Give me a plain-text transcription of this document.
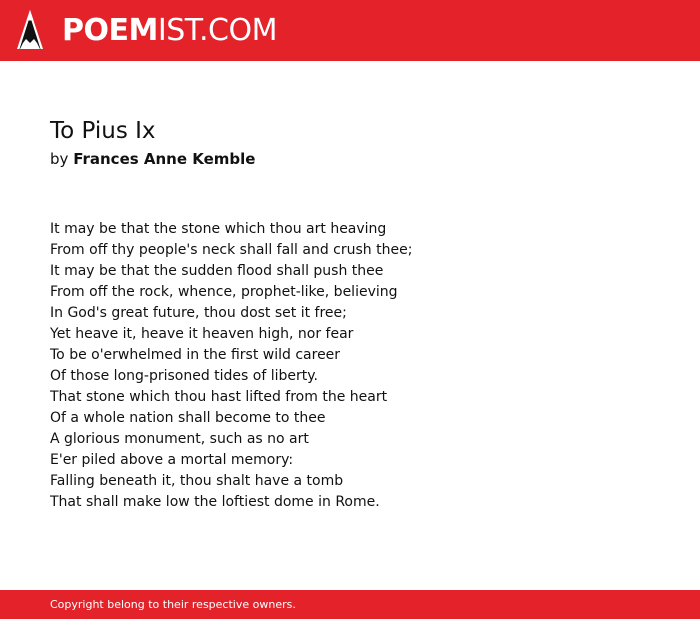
POEMIST.COM
To Pius Ix
by Frances Anne Kemble
It may be that the stone which thou art heaving
From off thy people's neck shall fall and crush thee;
It may be that the sudden flood shall push thee
From off the rock, whence, prophet-like, believing
In God's great future, thou dost set it free;
Yet heave it, heave it heaven high, nor fear
To be o'erwhelmed in the first wild career
Of those long-prisoned tides of liberty.
That stone which thou hast lifted from the heart
Of a whole nation shall become to thee
A glorious monument, such as no art
E'er piled above a mortal memory:
Falling beneath it, thou shalt have a tomb
That shall make low the loftiest dome in Rome.
Copyright belong to their respective owners.
